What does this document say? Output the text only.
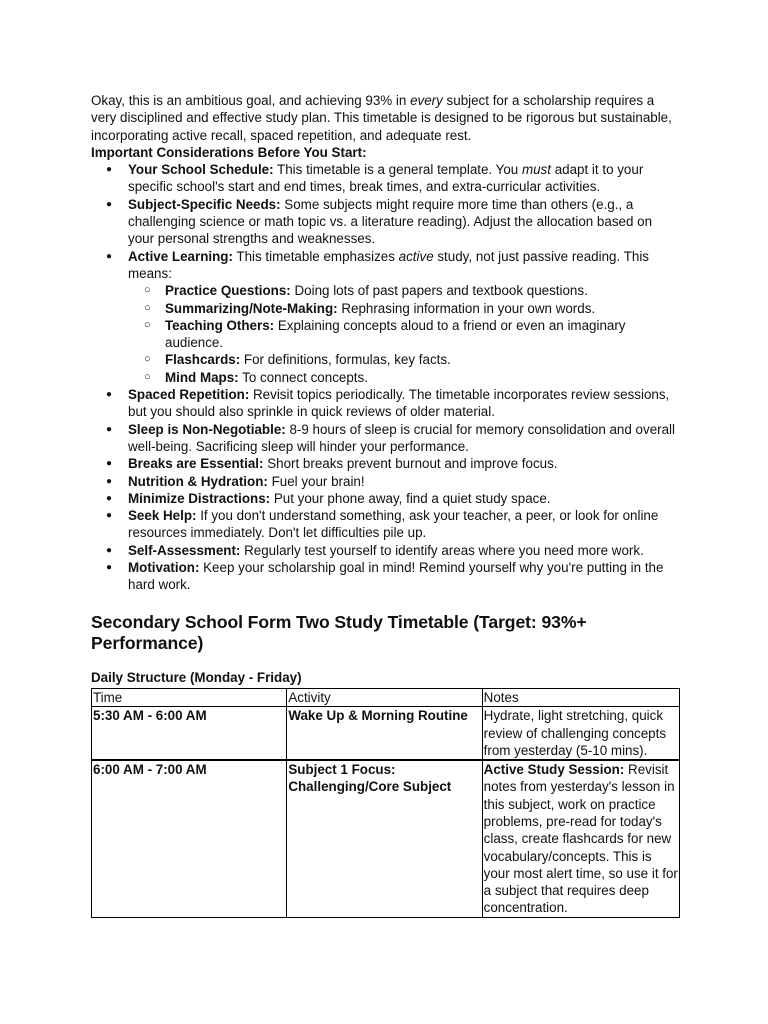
Okay, this is an ambitious goal, and achieving 93% in every subject for a scholarship requires a very disciplined and effective study plan. This timetable is designed to be rigorous but sustainable, incorporating active recall, spaced repetition, and adequate rest.

Important Considerations Before You Start:

● Your School Schedule: This timetable is a general template. You must adapt it to your specific school's start and end times, break times, and extra-curricular activities.
● Subject-Specific Needs: Some subjects might require more time than others (e.g., a challenging science or math topic vs. a literature reading). Adjust the allocation based on your personal strengths and weaknesses.
● Active Learning: This timetable emphasizes active study, not just passive reading. This means:
○ Practice Questions: Doing lots of past papers and textbook questions.
○ Summarizing/Note-Making: Rephrasing information in your own words.
○ Teaching Others: Explaining concepts aloud to a friend or even an imaginary audience.
○ Flashcards: For definitions, formulas, key facts.
○ Mind Maps: To connect concepts.
● Spaced Repetition: Revisit topics periodically. The timetable incorporates review sessions, but you should also sprinkle in quick reviews of older material.
● Sleep is Non-Negotiable: 8-9 hours of sleep is crucial for memory consolidation and overall well-being. Sacrificing sleep will hinder your performance.
● Breaks are Essential: Short breaks prevent burnout and improve focus.
● Nutrition & Hydration: Fuel your brain!
● Minimize Distractions: Put your phone away, find a quiet study space.
● Seek Help: If you don't understand something, ask your teacher, a peer, or look for online resources immediately. Don't let difficulties pile up.
● Self-Assessment: Regularly test yourself to identify areas where you need more work.
● Motivation: Keep your scholarship goal in mind! Remind yourself why you're putting in the hard work.

Secondary School Form Two Study Timetable (Target: 93%+ Performance)

Daily Structure (Monday - Friday)

Time	Activity	Notes
5:30 AM - 6:00 AM	Wake Up & Morning Routine	Hydrate, light stretching, quick review of challenging concepts from yesterday (5-10 mins).
6:00 AM - 7:00 AM	Subject 1 Focus: Challenging/Core Subject	Active Study Session: Revisit notes from yesterday's lesson in this subject, work on practice problems, pre-read for today's class, create flashcards for new vocabulary/concepts. This is your most alert time, so use it for a subject that requires deep concentration.
